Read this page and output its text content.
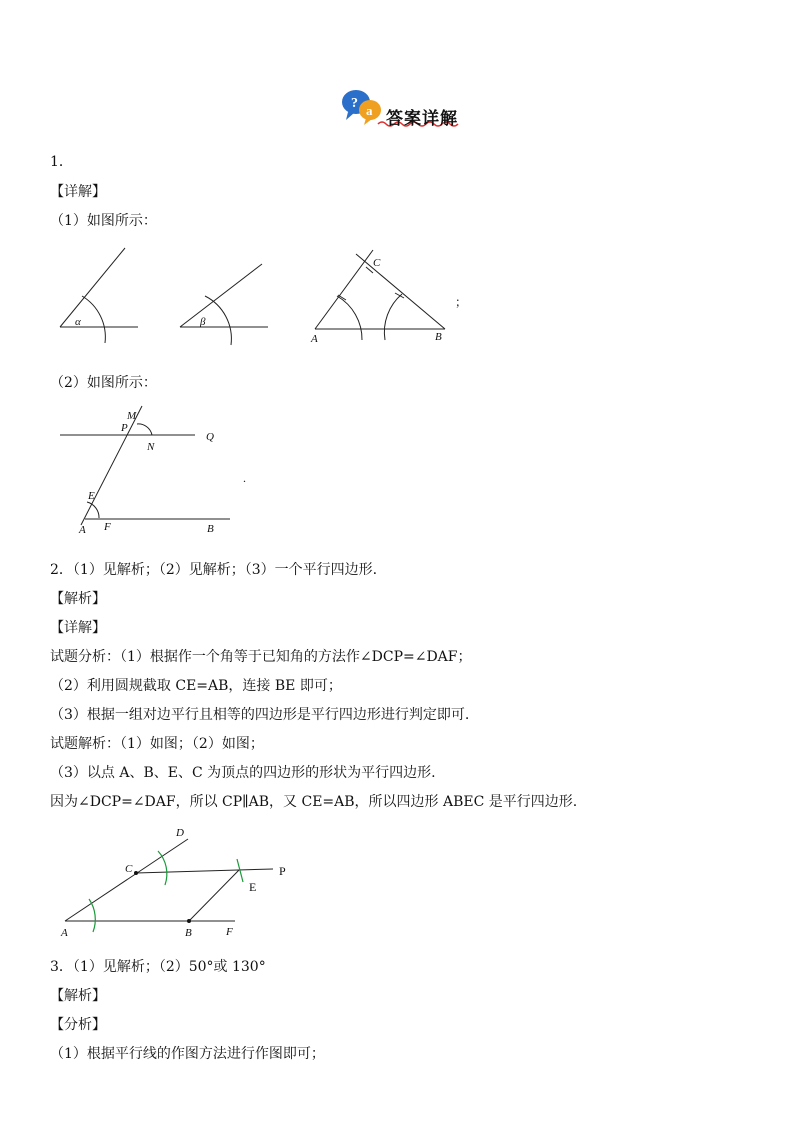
? a 答案详解
1．
【详解】
（1）如图所示：
α	β
A	B
C
；
（2）如图所示：
M
P
N
Q
E
A F	B
.
2．（1）见解析；（2）见解析；（3）一个平行四边形.
【解析】
【详解】
试题分析：（1）根据作一个角等于已知角的方法作∠DCP=∠DAF；
（2）利用圆规截取 CE=AB，连接 BE 即可；
（3）根据一组对边平行且相等的四边形是平行四边形进行判定即可.
试题解析：（1）如图；（2）如图；
（3）以点 A、B、E、C 为顶点的四边形的形状为平行四边形.
因为∠DCP=∠DAF，所以 CP∥AB，又 CE=AB，所以四边形 ABEC 是平行四边形.
D
C	P
E
A	B	F
3．（1）见解析；（2）50°或 130°
【解析】
【分析】
（1）根据平行线的作图方法进行作图即可；
